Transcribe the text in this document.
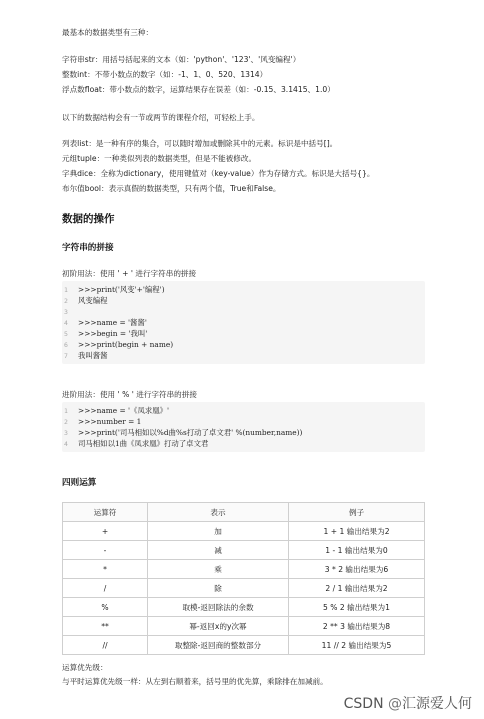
最基本的数据类型有三种：
字符串str：用括号括起来的文本（如：'python'、'123'、'风变编程'）
整数int：不带小数点的数字（如：-1、1、0、520、1314）
浮点数float：带小数点的数字，运算结果存在误差（如：-0.15、3.1415、1.0）
以下的数据结构会有一节或两节的课程介绍，可轻松上手。
列表list：是一种有序的集合，可以随时增加或删除其中的元素。标识是中括号[]。
元组tuple：一种类似列表的数据类型，但是不能被修改。
字典dice：全称为dictionary，使用键值对（key-value）作为存储方式。标识是大括号{}。
布尔值bool：表示真假的数据类型，只有两个值，True和False。
数据的操作
字符串的拼接
初阶用法：使用 ' + ' 进行字符串的拼接
1	>>>print('风变'+'编程')
2	风变编程
3
4	>>>name = '酱酱'
5	>>>begin = '我叫'
6	>>>print(begin + name)
7	我叫酱酱
进阶用法：使用 ' % ' 进行字符串的拼接
1	>>>name = '《凤求凰》'
2	>>>number = 1
3	>>>print('司马相如以%d曲%s打动了卓文君' %(number,name))
4	司马相如以1曲《凤求凰》打动了卓文君
四则运算
运算符	表示	例子
+	加	1 + 1 输出结果为2
-	减	1 - 1 输出结果为0
*	乘	3 * 2 输出结果为6
/	除	2 / 1 输出结果为2
%	取模-返回除法的余数	5 % 2 输出结果为1
**	幂-返回x的y次幂	2 ** 3 输出结果为8
//	取整除-返回商的整数部分	11 // 2 输出结果为5
运算优先级：
与平时运算优先级一样：从左到右顺着来，括号里的优先算，乘除排在加减前。
CSDN @汇源爱人何
